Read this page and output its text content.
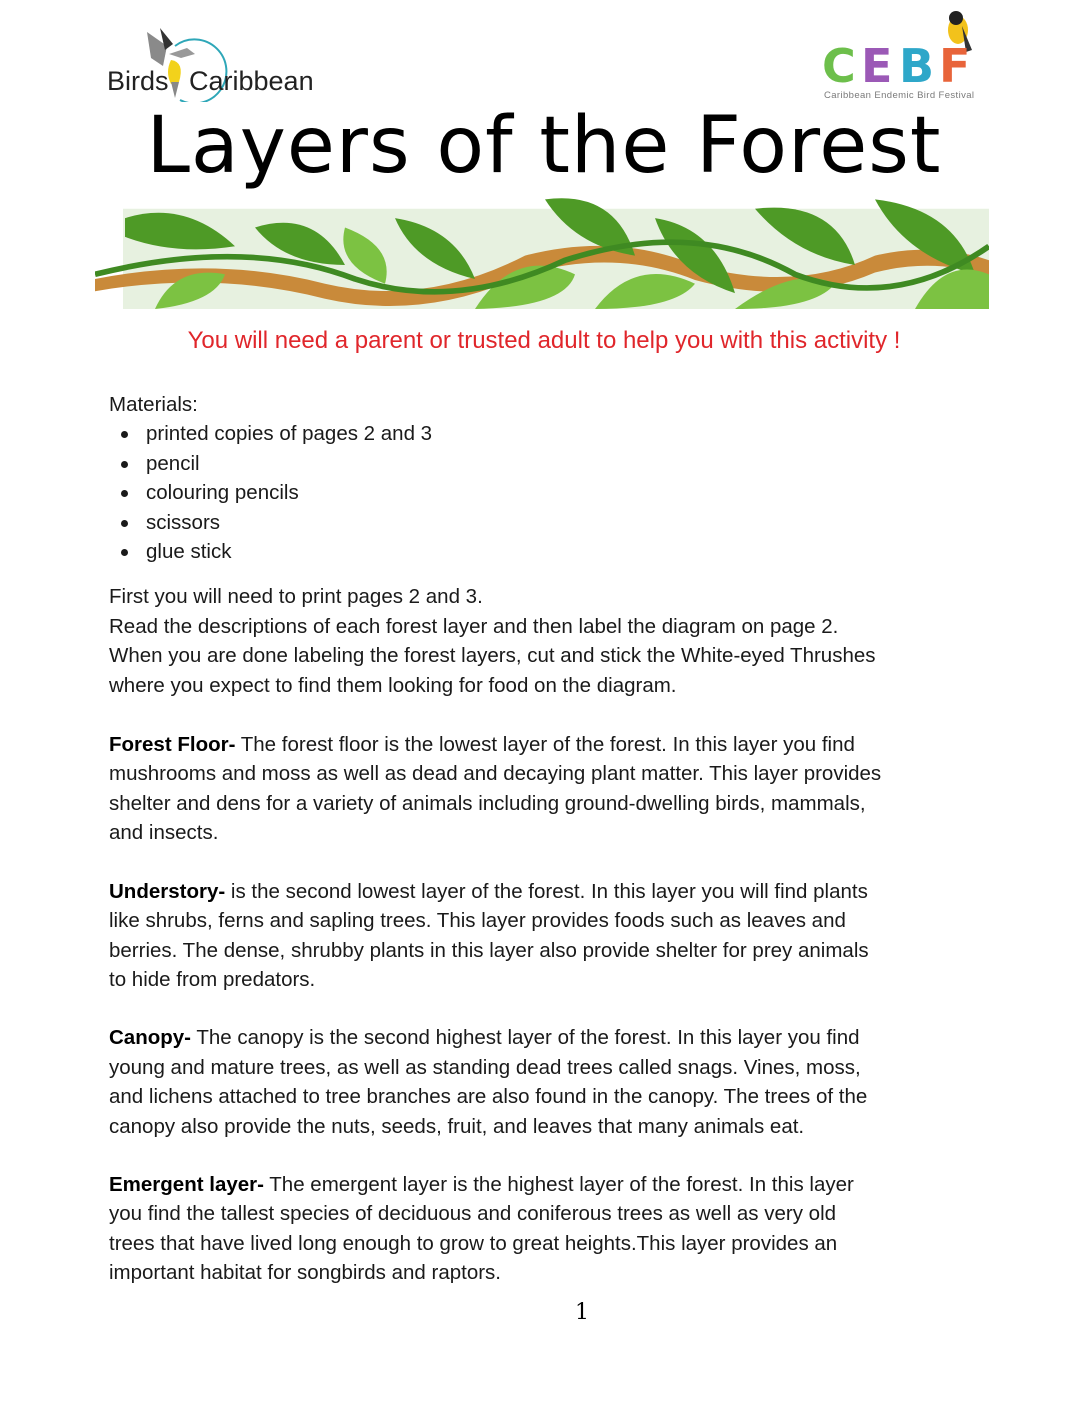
Birds Caribbean	C E B F
Caribbean Endemic Bird Festival
Layers of the Forest
You will need a parent or trusted adult to help you with this activity !
Materials:
printed copies of pages 2 and 3
pencil
colouring pencils
scissors
glue stick
First you will need to print pages 2 and 3.
Read the descriptions of each forest layer and then label the diagram on page 2.
When you are done labeling the forest layers, cut and stick the White-eyed Thrushes
where you expect to find them looking for food on the diagram.
Forest Floor- The forest floor is the lowest layer of the forest. In this layer you find
mushrooms and moss as well as dead and decaying plant matter. This layer provides
shelter and dens for a variety of animals including ground-dwelling birds, mammals,
and insects.
Understory- is the second lowest layer of the forest. In this layer you will find plants
like shrubs, ferns and sapling trees. This layer provides foods such as leaves and
berries. The dense, shrubby plants in this layer also provide shelter for prey animals
to hide from predators.
Canopy- The canopy is the second highest layer of the forest. In this layer you find
young and mature trees, as well as standing dead trees called snags. Vines, moss,
and lichens attached to tree branches are also found in the canopy. The trees of the
canopy also provide the nuts, seeds, fruit, and leaves that many animals eat.
Emergent layer- The emergent layer is the highest layer of the forest. In this layer
you find the tallest species of deciduous and coniferous trees as well as very old
trees that have lived long enough to grow to great heights.This layer provides an
important habitat for songbirds and raptors.
1
